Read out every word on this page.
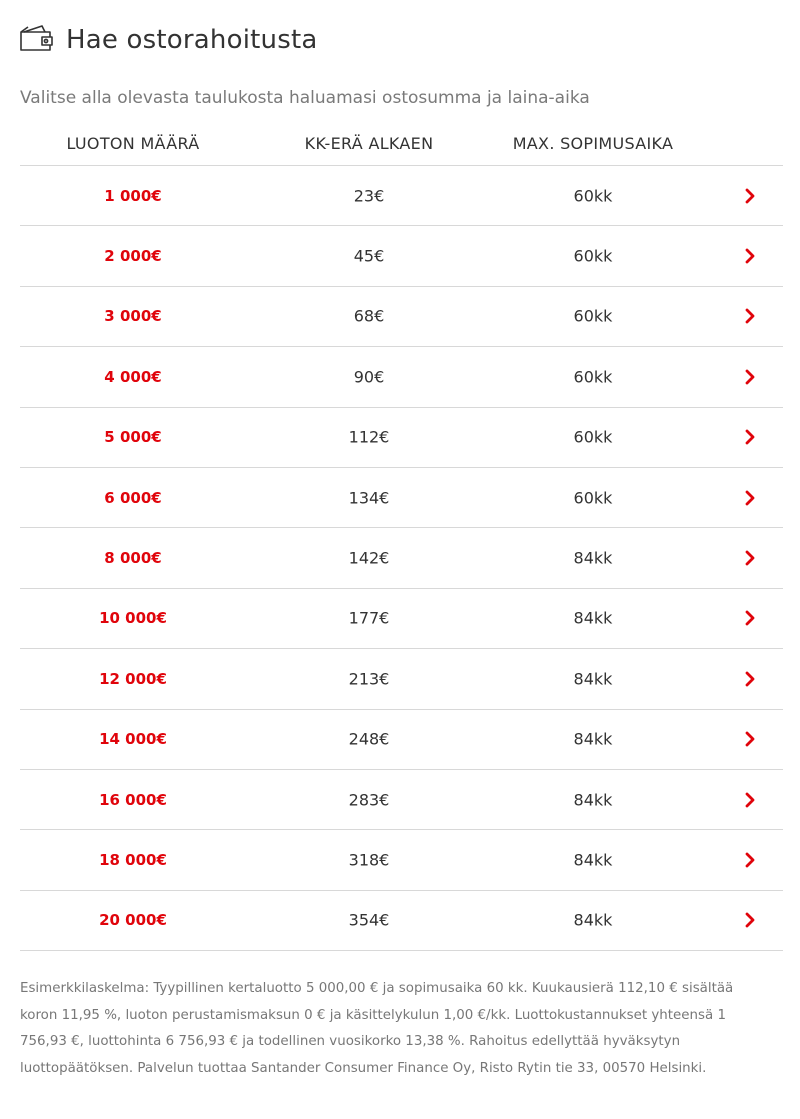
Hae ostorahoitusta

Valitse alla olevasta taulukosta haluamasi ostosumma ja laina-aika

LUOTON MÄÄRÄ	KK-ERÄ ALKAEN	MAX. SOPIMUSAIKA
1 000€	23€	60kk
2 000€	45€	60kk
3 000€	68€	60kk
4 000€	90€	60kk
5 000€	112€	60kk
6 000€	134€	60kk
8 000€	142€	84kk
10 000€	177€	84kk
12 000€	213€	84kk
14 000€	248€	84kk
16 000€	283€	84kk
18 000€	318€	84kk
20 000€	354€	84kk

Esimerkkilaskelma: Tyypillinen kertaluotto 5 000,00 € ja sopimusaika 60 kk. Kuukausierä 112,10 € sisältää koron 11,95 %, luoton perustamismaksun 0 € ja käsittelykulun 1,00 €/kk. Luottokustannukset yhteensä 1 756,93 €, luottohinta 6 756,93 € ja todellinen vuosikorko 13,38 %. Rahoitus edellyttää hyväksytyn luottopäätöksen. Palvelun tuottaa Santander Consumer Finance Oy, Risto Rytin tie 33, 00570 Helsinki.
